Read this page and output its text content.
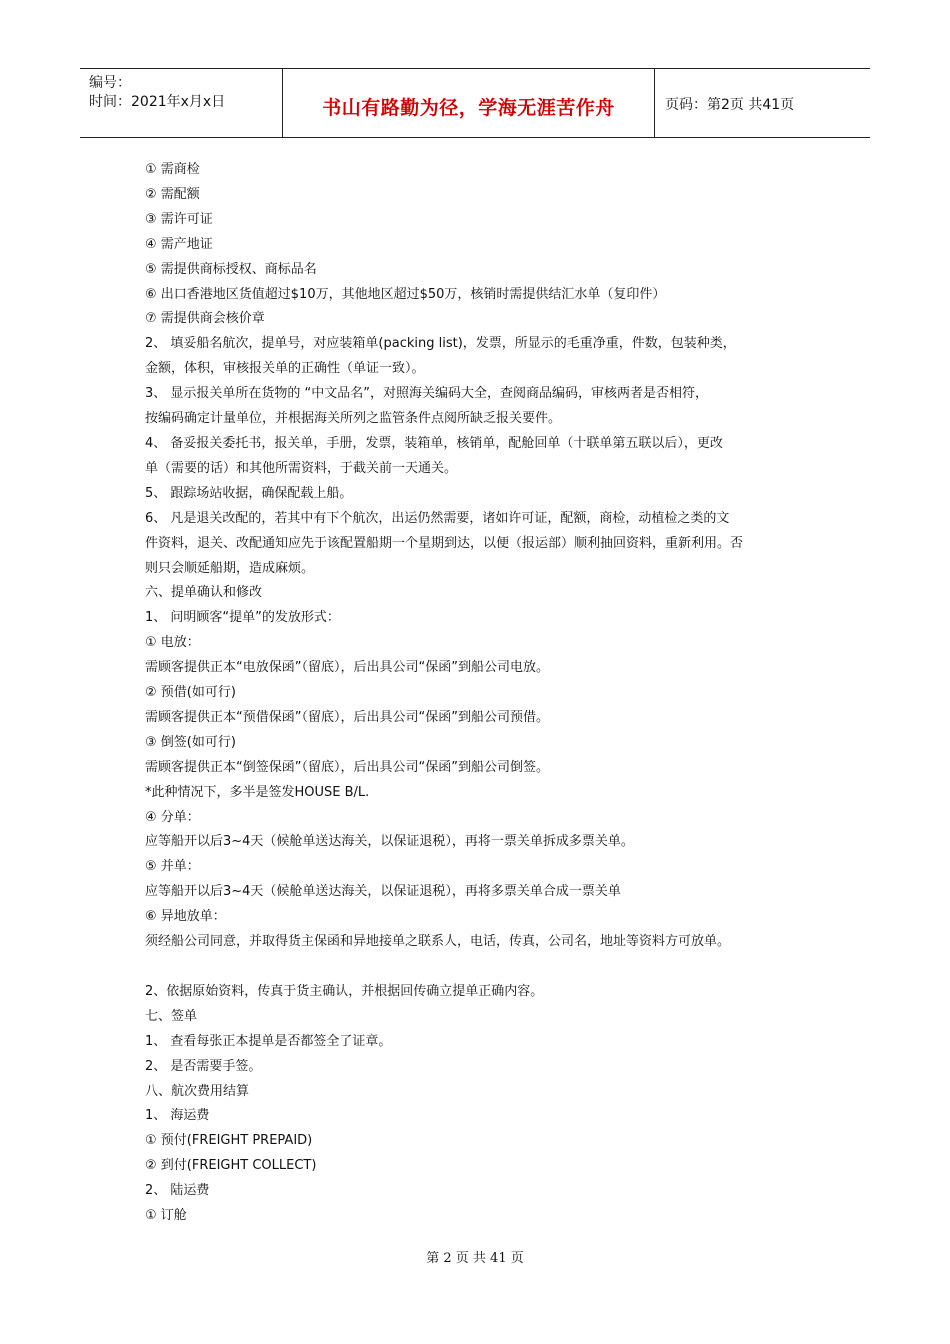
编号：
时间：2021年x月x日	书山有路勤为径，学海无涯苦作舟	页码：第2页 共41页
① 需商检
② 需配额
③ 需许可证
④ 需产地证
⑤ 需提供商标授权、商标品名
⑥ 出口香港地区货值超过$10万，其他地区超过$50万，核销时需提供结汇水单（复印件）
⑦ 需提供商会核价章
2、 填妥船名航次，提单号，对应装箱单(packing list)，发票，所显示的毛重净重，件数，包装种类，
金额，体积，审核报关单的正确性（单证一致）。
3、 显示报关单所在货物的 “中文品名”，对照海关编码大全，查阅商品编码，审核两者是否相符，
按编码确定计量单位，并根据海关所列之监管条件点阅所缺乏报关要件。
4、 备妥报关委托书，报关单，手册，发票，装箱单，核销单，配舱回单（十联单第五联以后），更改
单（需要的话）和其他所需资料，于截关前一天通关。
5、 跟踪场站收据，确保配载上船。
6、 凡是退关改配的，若其中有下个航次，出运仍然需要，诸如许可证，配额，商检，动植检之类的文
件资料，退关、改配通知应先于该配置船期一个星期到达，以便（报运部）顺利抽回资料，重新利用。否
则只会顺延船期，造成麻烦。
六、提单确认和修改
1、 问明顾客“提单”的发放形式：
① 电放：
需顾客提供正本“电放保函”（留底），后出具公司“保函”到船公司电放。
② 预借(如可行)
需顾客提供正本“预借保函”（留底），后出具公司“保函”到船公司预借。
③ 倒签(如可行)
需顾客提供正本“倒签保函”（留底），后出具公司“保函”到船公司倒签。
*此种情况下，多半是签发HOUSE B/L.
④ 分单：
应等船开以后3~4天（候舱单送达海关，以保证退税），再将一票关单拆成多票关单。
⑤ 并单：
应等船开以后3~4天（候舱单送达海关，以保证退税），再将多票关单合成一票关单
⑥ 异地放单：
须经船公司同意，并取得货主保函和异地接单之联系人，电话，传真，公司名，地址等资料方可放单。
2、依据原始资料，传真于货主确认，并根据回传确立提单正确内容。
七、签单
1、 查看每张正本提单是否都签全了证章。
2、 是否需要手签。
八、航次费用结算
1、 海运费
① 预付(FREIGHT PREPAID)
② 到付(FREIGHT COLLECT)
2、 陆运费
① 订舱
第 2 页 共 41 页
